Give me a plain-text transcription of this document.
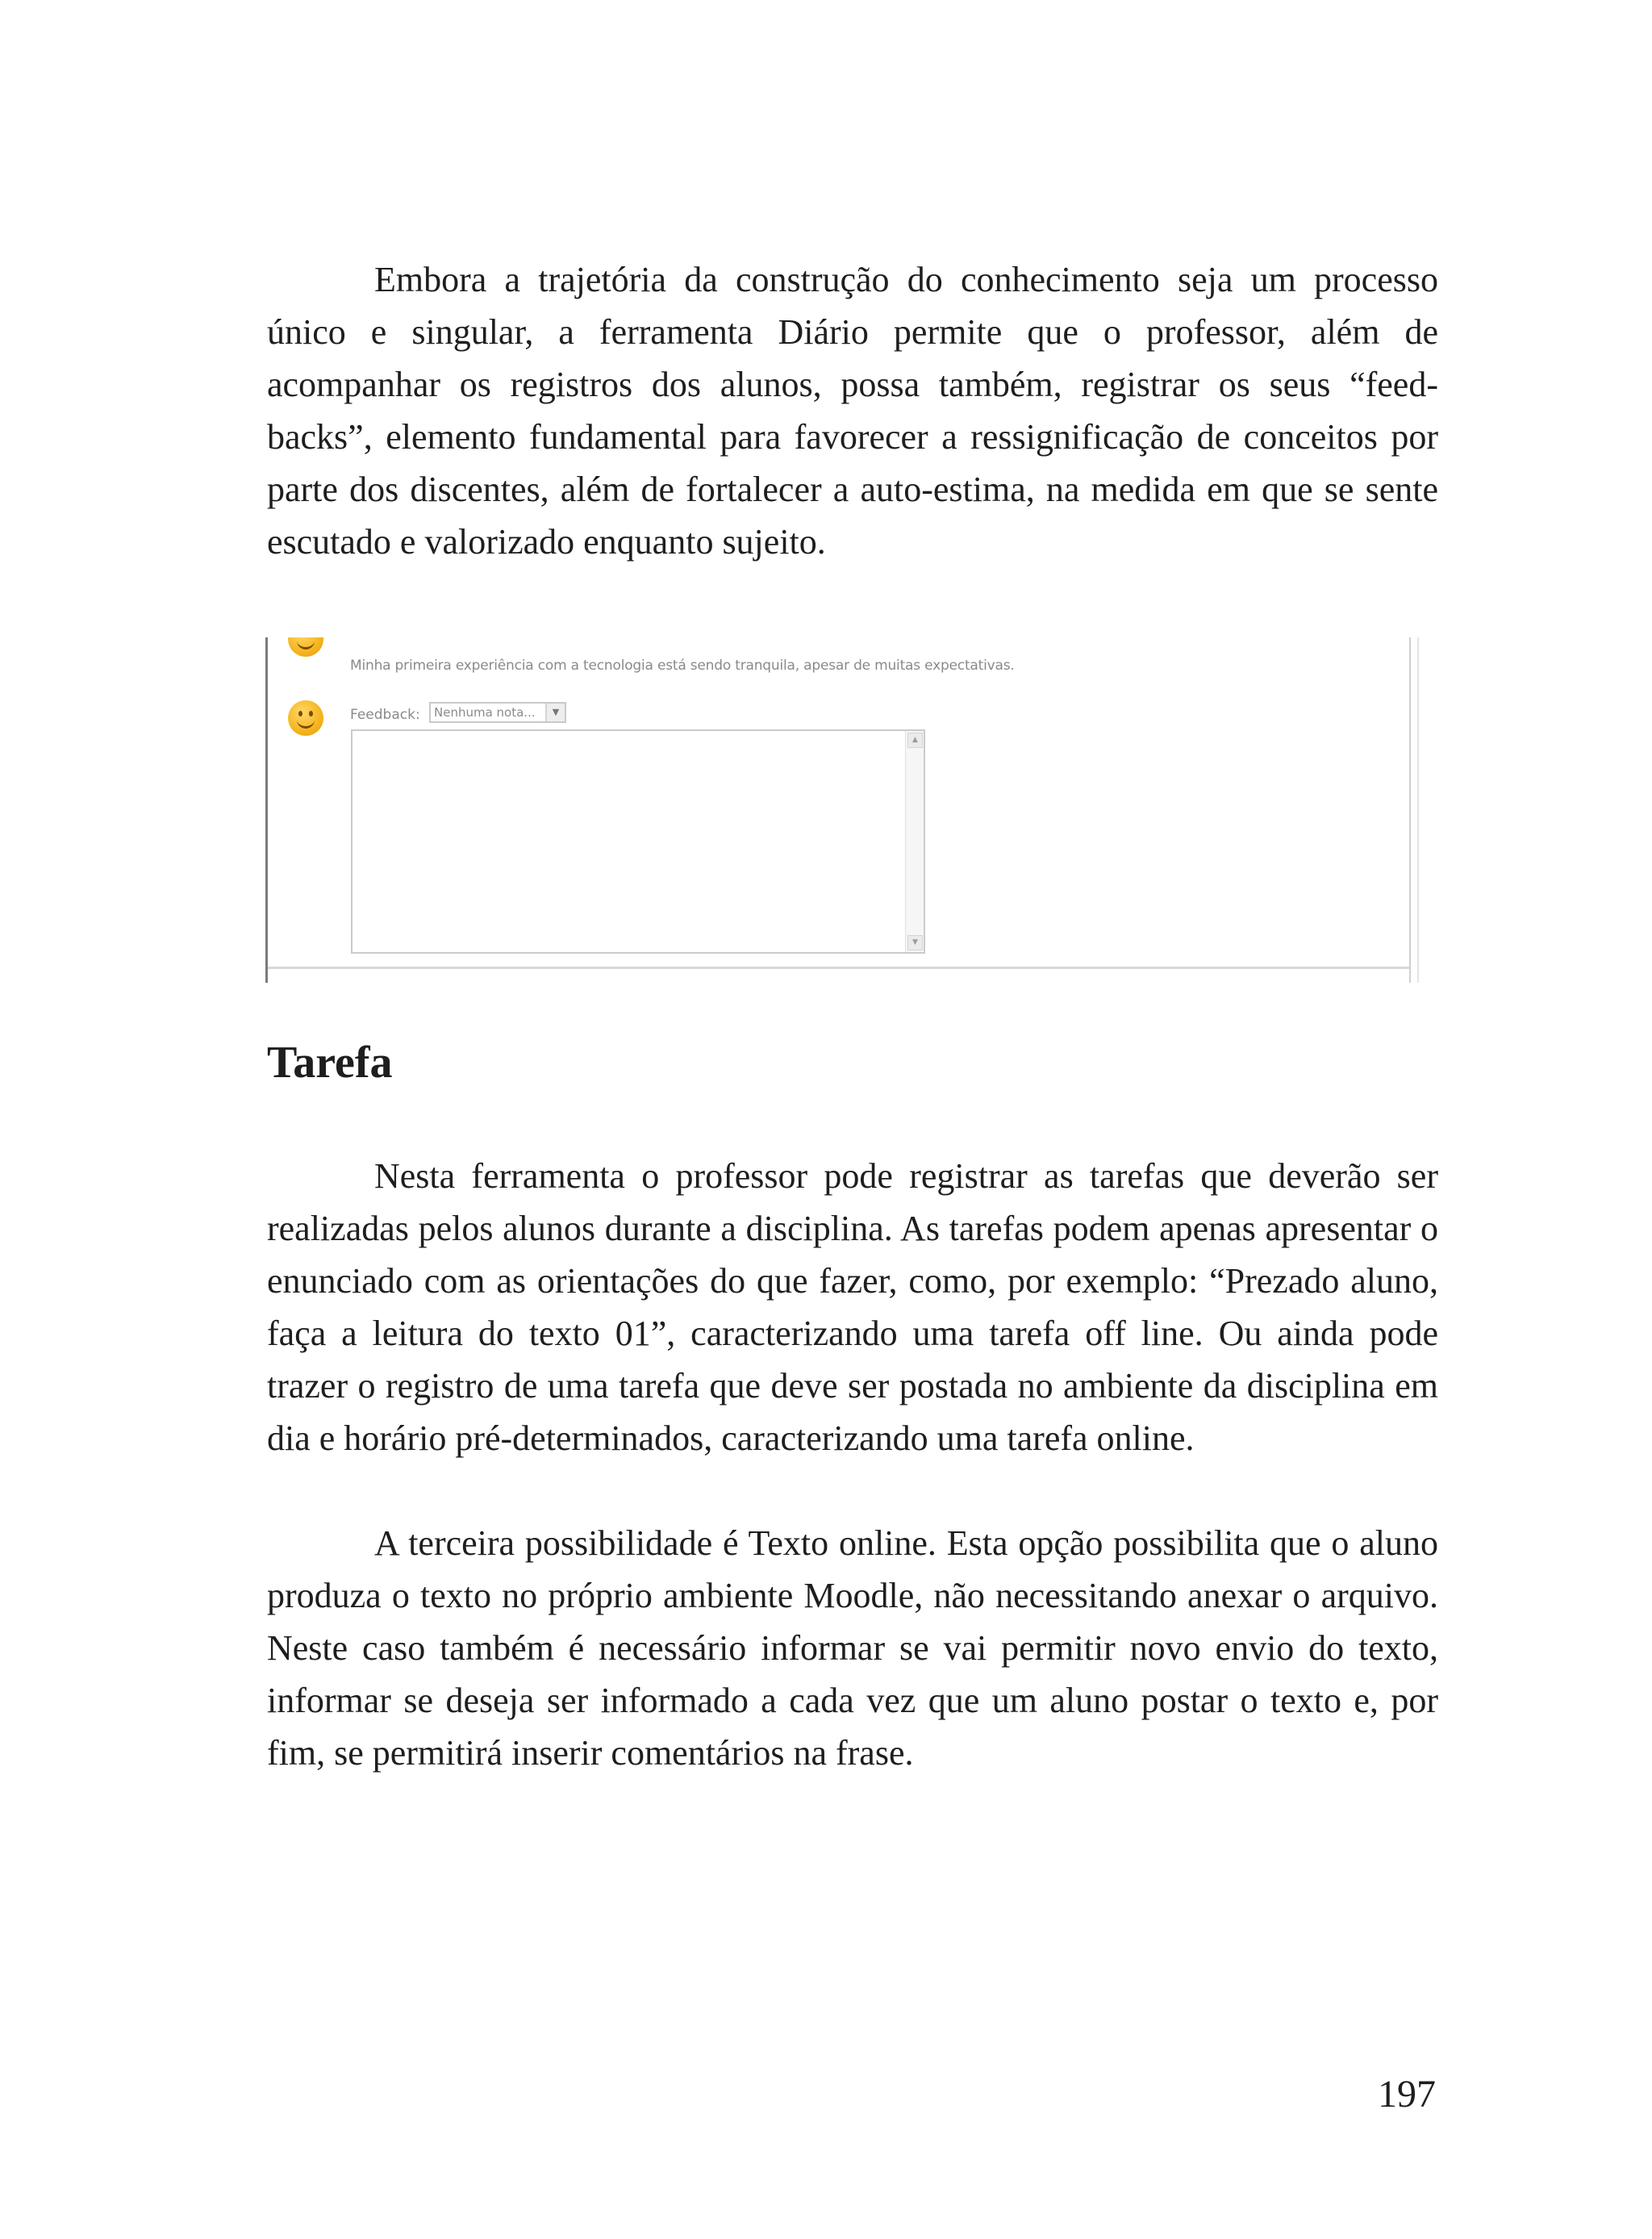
Embora a trajetória da construção do conhecimento seja um processo único e singular, a ferramenta Diário permite que o professor, além de acompanhar os registros dos alunos, possa também, registrar os seus “feed-backs”, elemento fundamental para favorecer a ressignificação de conceitos por parte dos discentes, além de fortalecer a auto-estima, na medida em que se sente escutado e valorizado enquanto sujeito.

Minha primeira experiência com a tecnologia está sendo tranquila, apesar de muitas expectativas.
Feedback: Nenhuma nota...	▼
▲
▼
Tarefa

Nesta ferramenta o professor pode registrar as tarefas que deverão ser realizadas pelos alunos durante a disciplina. As tarefas podem apenas apresentar o enunciado com as orientações do que fazer, como, por exemplo: “Prezado aluno, faça a leitura do texto 01”, caracterizando uma tarefa off line. Ou ainda pode trazer o registro de uma tarefa que deve ser postada no ambiente da disciplina em dia e horário pré-determinados, caracterizando uma tarefa online.

A terceira possibilidade é Texto online. Esta opção possibilita que o aluno produza o texto no próprio ambiente Moodle, não necessitando anexar o arquivo. Neste caso também é necessário informar se vai permitir novo envio do texto, informar se deseja ser informado a cada vez que um aluno postar o texto e, por fim, se permitirá inserir comentários na frase.

197
